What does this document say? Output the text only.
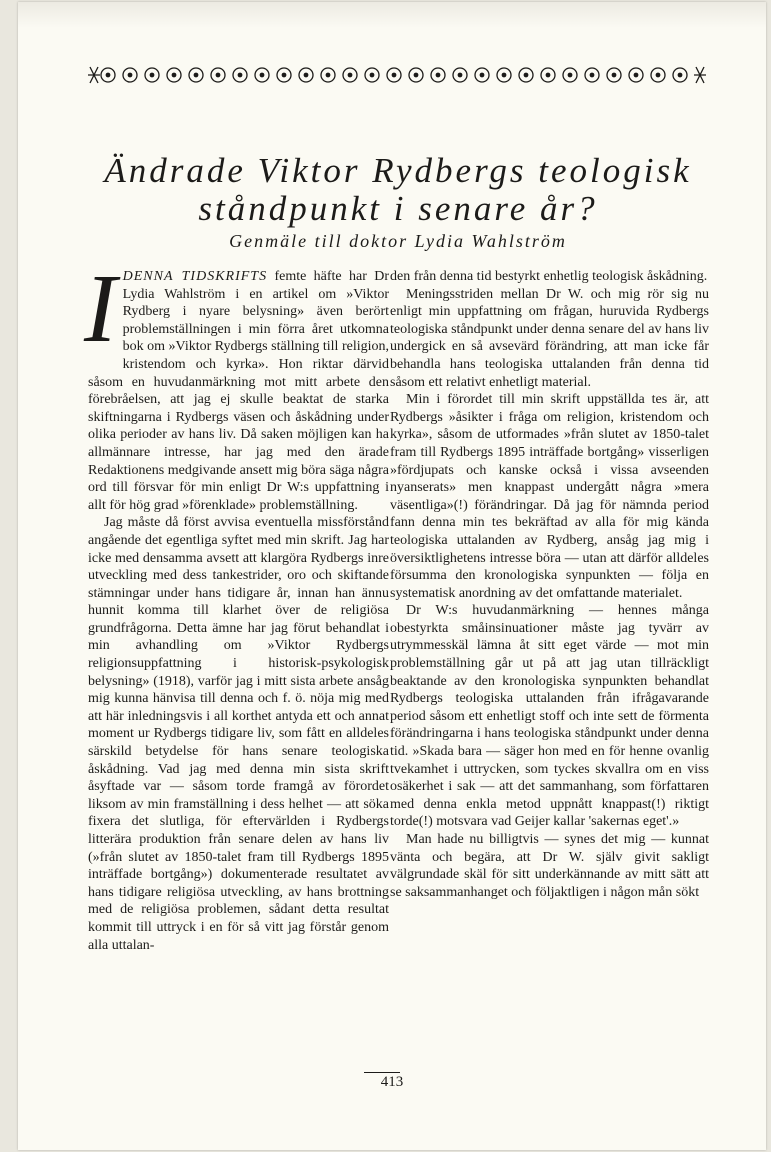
Ändrade Viktor Rydbergs teologisk ståndpunkt i senare år?
Genmäle till doktor Lydia Wahlström

IDENNA TIDSKRIFTS femte häfte har Dr Lydia Wahlström i en artikel om »Viktor Rydberg i nyare belysning» även berört problemställningen i min förra året utkomna bok om »Viktor Rydbergs ställning till religion, kristendom och kyrka». Hon riktar därvid såsom en huvudanmärkning mot mitt arbete den förebråelsen, att jag ej skulle beaktat de starka skiftningarna i Rydbergs väsen och åskådning under olika perioder av hans liv. Då saken möjligen kan ha allmännare intresse, har jag med den ärade Redaktionens medgivande ansett mig böra säga några ord till försvar för min enligt Dr W:s uppfattning i allt för hög grad »förenklade» problemställning.

Jag måste då först avvisa eventuella missförstånd angående det egentliga syftet med min skrift. Jag har icke med densamma avsett att klargöra Rydbergs inre utveckling med dess tankestrider, oro och skiftande stämningar under hans tidigare år, innan han ännu hunnit komma till klarhet över de religiösa grundfrågorna. Detta ämne har jag förut behandlat i min avhandling om »Viktor Rydbergs religionsuppfattning i historisk-psykologisk belysning» (1918), varför jag i mitt sista arbete ansåg mig kunna hänvisa till denna och f. ö. nöja mig med att här inledningsvis i all korthet antyda ett och annat moment ur Rydbergs tidigare liv, som fått en alldeles särskild betydelse för hans senare teologiska åskådning. Vad jag med denna min sista skrift åsyftade var — såsom torde framgå av förordet liksom av min framställning i dess helhet — att söka fixera det slutliga, för eftervärlden i Rydbergs litterära produktion från senare delen av hans liv (»från slutet av 1850-talet fram till Rydbergs 1895 inträffade bortgång») dokumenterade resultatet av hans tidigare religiösa utveckling, av hans brottning med de religiösa problemen, sådant detta resultat kommit till uttryck i en för så vitt jag förstår genom alla uttalan-

den från denna tid bestyrkt enhetlig teologisk åskådning.

Meningsstriden mellan Dr W. och mig rör sig nu enligt min uppfattning om frågan, huruvida Rydbergs teologiska ståndpunkt under denna senare del av hans liv undergick en så avsevärd förändring, att man icke får behandla hans teologiska uttalanden från denna tid såsom ett relativt enhetligt material.

Min i förordet till min skrift uppställda tes är, att Rydbergs »åsikter i fråga om religion, kristendom och kyrka», såsom de utformades »från slutet av 1850-talet fram till Rydbergs 1895 inträffade bortgång» visserligen »fördjupats och kanske också i vissa avseenden nyanserats» men knappast undergått några »mera väsentliga»(!) förändringar. Då jag för nämnda period fann denna min tes bekräftad av alla för mig kända teologiska uttalanden av Rydberg, ansåg jag mig i översiktlighetens intresse böra — utan att därför alldeles försumma den kronologiska synpunkten — följa en systematisk anordning av det omfattande materialet.

Dr W:s huvudanmärkning — hennes många obestyrkta småinsinuationer måste jag tyvärr av utrymmesskäl lämna åt sitt eget värde — mot min problemställning går ut på att jag utan tillräckligt beaktande av den kronologiska synpunkten behandlat Rydbergs teologiska uttalanden från ifrågavarande period såsom ett enhetligt stoff och inte sett de förmenta förändringarna i hans teologiska ståndpunkt under denna tid. »Skada bara — säger hon med en för henne ovanlig tvekamhet i uttrycken, som tyckes skvallra om en viss osäkerhet i sak — att det sammanhang, som författaren med denna enkla metod uppnått knappast(!) riktigt torde(!) motsvara vad Geijer kallar 'sakernas eget'.»

Man hade nu billigtvis — synes det mig — kunnat vänta och begära, att Dr W. själv givit sakligt välgrundade skäl för sitt underkännande av mitt sätt att se saksammanhanget och följaktligen i någon mån sökt

413
